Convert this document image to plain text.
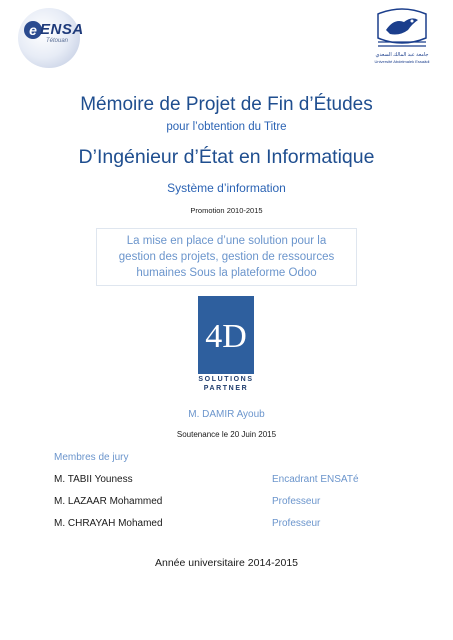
e ENSA
Tétouan
جامعة عبد المالك السعدي
Université Abdelmalek Essaâdi
Mémoire de Projet de Fin d’Études
pour l’obtention du Titre
D’Ingénieur d’État en Informatique
Système d’information
Promotion 2010-2015
La mise en place d’une solution pour la
gestion des projets, gestion de ressources
humaines Sous la plateforme Odoo
4D
SOLUTIONS
PARTNER
M. DAMIR Ayoub
Soutenance le 20 Juin 2015
Membres de jury
M. TABII Youness	Encadrant ENSATé
M. LAZAAR Mohammed	Professeur
M. CHRAYAH Mohamed	Professeur
Année universitaire 2014-2015
